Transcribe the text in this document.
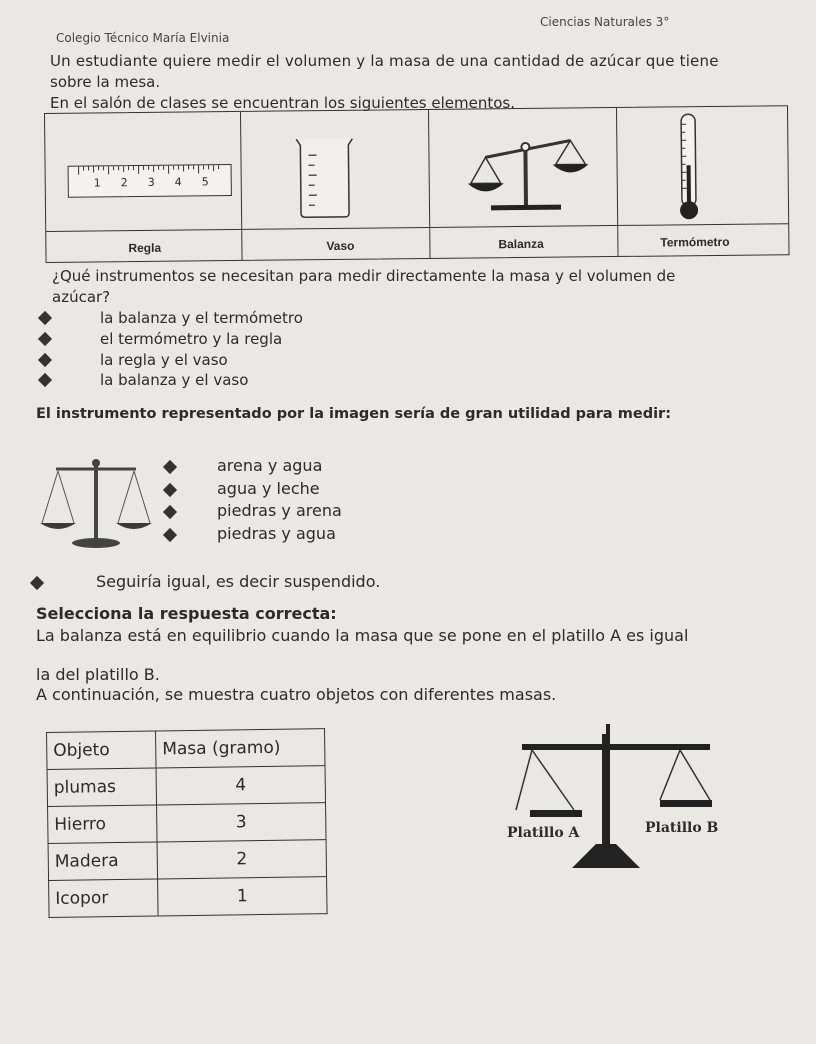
Colegio Técnico María Elvinia
Ciencias Naturales 3°
Un estudiante quiere medir el volumen y la masa de una cantidad de azúcar que tiene
sobre la mesa.
En el salón de clases se encuentran los siguientes elementos.
1 2 3 4 5
Regla	Vaso	Balanza	Termómetro
¿Qué instrumentos se necesitan para medir directamente la masa y el volumen de
azúcar?
la balanza y el termómetro
el termómetro y la regla
la regla y el vaso
la balanza y el vaso
El instrumento representado por la imagen sería de gran utilidad para medir:
arena y agua
agua y leche
piedras y arena
piedras y agua
Seguiría igual, es decir suspendido.
Selecciona la respuesta correcta:
La balanza está en equilibrio cuando la masa que se pone en el platillo A es igual
la del platillo B.
A continuación, se muestra cuatro objetos con diferentes masas.
Objeto	Masa (gramo)
plumas	4
Hierro	3
Madera	2
Icopor	1
Platillo A	Platillo B
